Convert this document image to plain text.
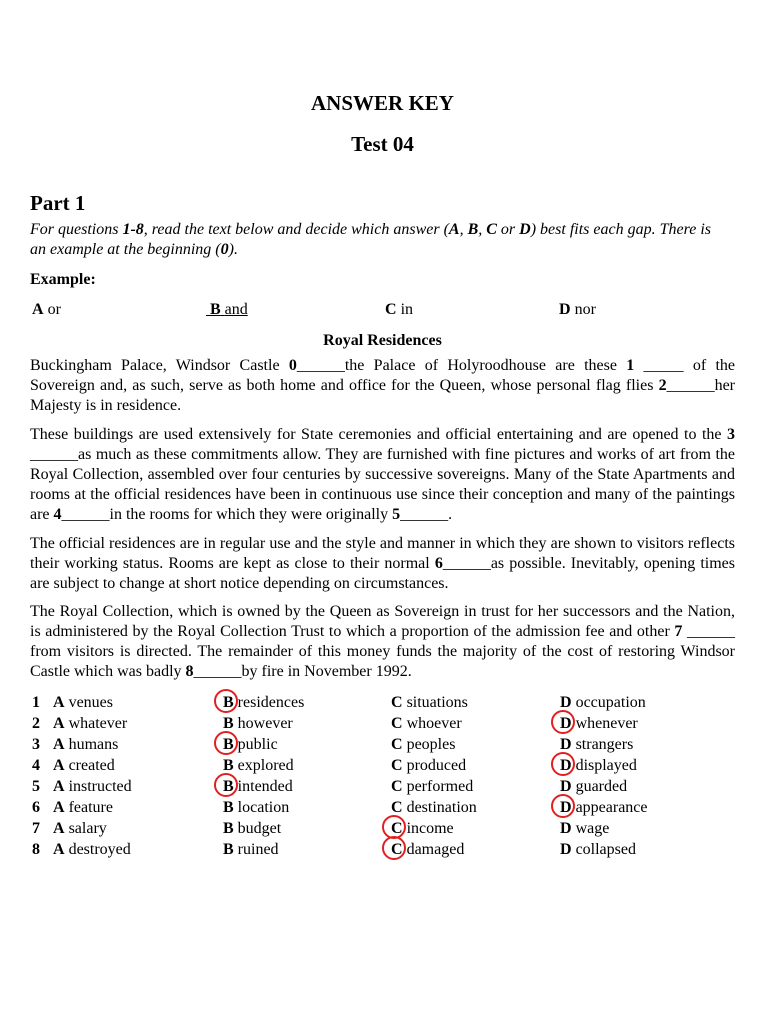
ANSWER KEY
Test 04
Part 1

For questions 1-8, read the text below and decide which answer (A, B, C or D) best fits each gap. There is an example at the beginning (0).

Example:

A or	B and	C in	D nor

Royal Residences

Buckingham Palace, Windsor Castle 0______the Palace of Holyroodhouse are these 1 _____ of the Sovereign and, as such, serve as both home and office for the Queen, whose personal flag flies 2______her Majesty is in residence.

These buildings are used extensively for State ceremonies and official entertaining and are opened to the 3 ______as much as these commitments allow. They are furnished with fine pictures and works of art from the Royal Collection, assembled over four centuries by successive sovereigns. Many of the State Apartments and rooms at the official residences have been in continuous use since their conception and many of the paintings are 4______in the rooms for which they were originally 5______.

The official residences are in regular use and the style and manner in which they are shown to visitors reflects their working status. Rooms are kept as close to their normal 6______as possible. Inevitably, opening times are subject to change at short notice depending on circumstances.

The Royal Collection, which is owned by the Queen as Sovereign in trust for her successors and the Nation, is administered by the Royal Collection Trust to which a proportion of the admission fee and other 7 ______ from visitors is directed. The remainder of this money funds the majority of the cost of restoring Windsor Castle which was badly 8______by fire in November 1992.

1 A venues	B residences	C situations	D occupation
2 A whatever	B however	C whoever	D whenever
3 A humans	B public	C peoples	D strangers
4 A created	B explored	C produced	D displayed
5 A instructed	B intended	C performed	D guarded
6 A feature	B location	C destination	D appearance
7 A salary	B budget	C income	D wage
8 A destroyed	B ruined	C damaged	D collapsed
